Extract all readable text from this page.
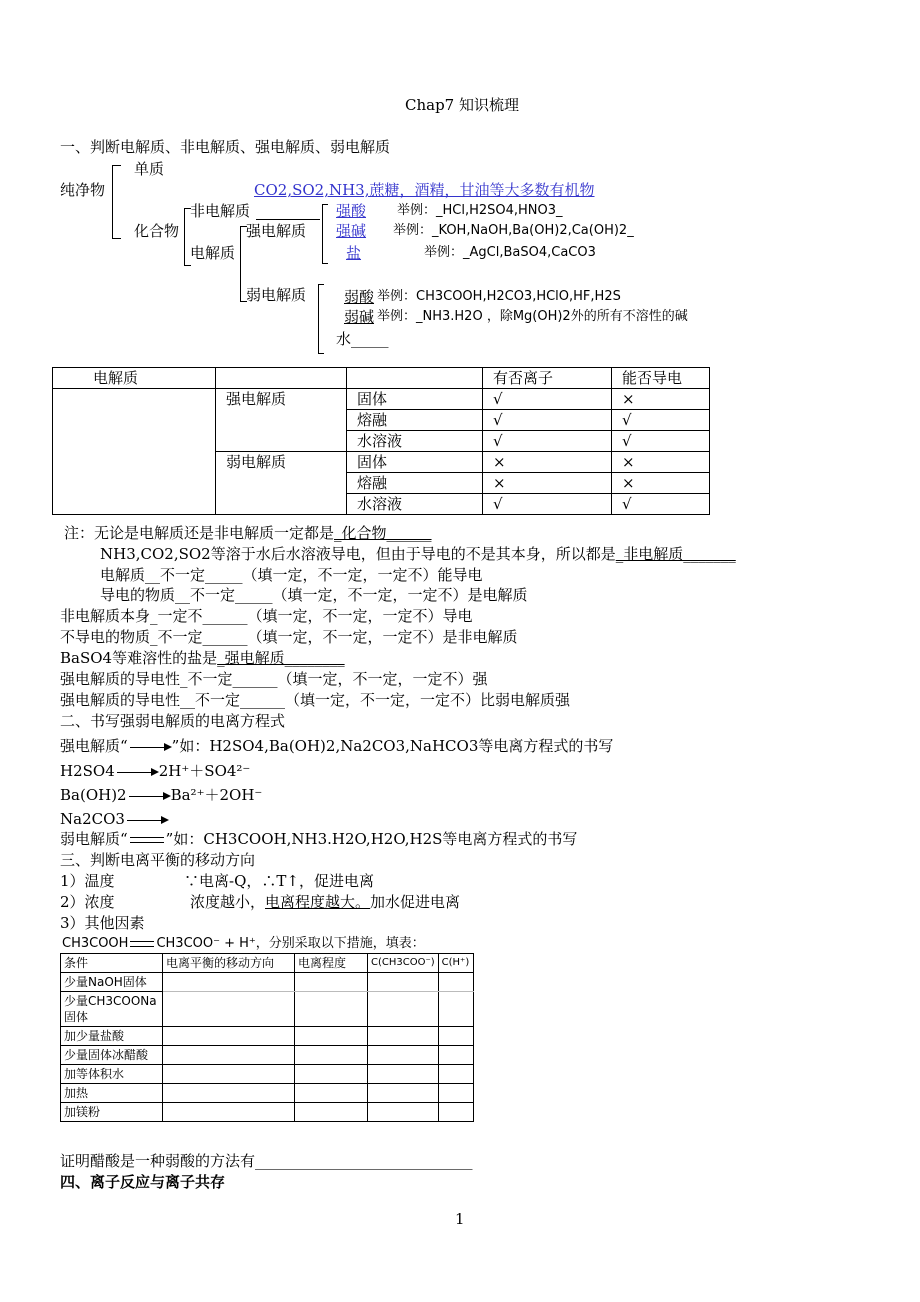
Chap7 知识梳理
一、判断电解质、非电解质、强电解质、弱电解质
纯净物
单质
化合物
CO2,SO2,NH3,蔗糖，酒精，甘油等大多数有机物
非电解质
电解质
强电解质
弱电解质
强酸 举例：_HCl,H2SO4,HNO3_
强碱 举例：_KOH,NaOH,Ba(OH)2,Ca(OH)2_
盐	举例：_AgCl,BaSO4,CaCO3
弱酸 举例：CH3COOH,H2CO3,HClO,HF,H2S
弱碱 举例：_NH3.H2O ，除Mg(OH)2外的所有不溶性的碱
水_____
电解质			有否离子	能否导电
	强电解质	固体	√	×
		熔融	√	√
		水溶液	√	√
	弱电解质	固体	×	×
		熔融	×	×
		水溶液	√	√
注：无论是电解质还是非电解质一定都是_化合物______
NH3,CO2,SO2等溶于水后水溶液导电，但由于导电的不是其本身，所以都是_非电解质_______
电解质__不一定_____（填一定，不一定，一定不）能导电
导电的物质__不一定_____（填一定，不一定，一定不）是电解质
非电解质本身_一定不______（填一定，不一定，一定不）导电
不导电的物质_不一定______（填一定，不一定，一定不）是非电解质
BaSO4等难溶性的盐是_强电解质________
强电解质的导电性_不一定______（填一定，不一定，一定不）强
强电解质的导电性__不一定______（填一定，不一定，一定不）比弱电解质强
二、书写强弱电解质的电离方程式
强电解质“	”如：H2SO4,Ba(OH)2,Na2CO3,NaHCO3等电离方程式的书写
H2SO4	2H⁺＋SO4²⁻
Ba(OH)2	Ba²⁺＋2OH⁻
Na2CO3
弱电解质“	”如：CH3COOH,NH3.H2O,H2O,H2S等电离方程式的书写
三、判断电离平衡的移动方向
1）温度	∵电离-Q，∴T↑，促进电离
2）浓度	浓度越小，电离程度越大。加水促进电离
3）其他因素
CH3COOH CH3COO⁻ + H⁺，分别采取以下措施，填表：
条件	电离平衡的移动方向	电离程度	C(CH3COO⁻)	C(H⁺)
少量NaOH固体				
少量CH3COONa固体				
加少量盐酸				
少量固体冰醋酸				
加等体积水				
加热				
加镁粉				
证明醋酸是一种弱酸的方法有_____________________________
四、离子反应与离子共存
1
